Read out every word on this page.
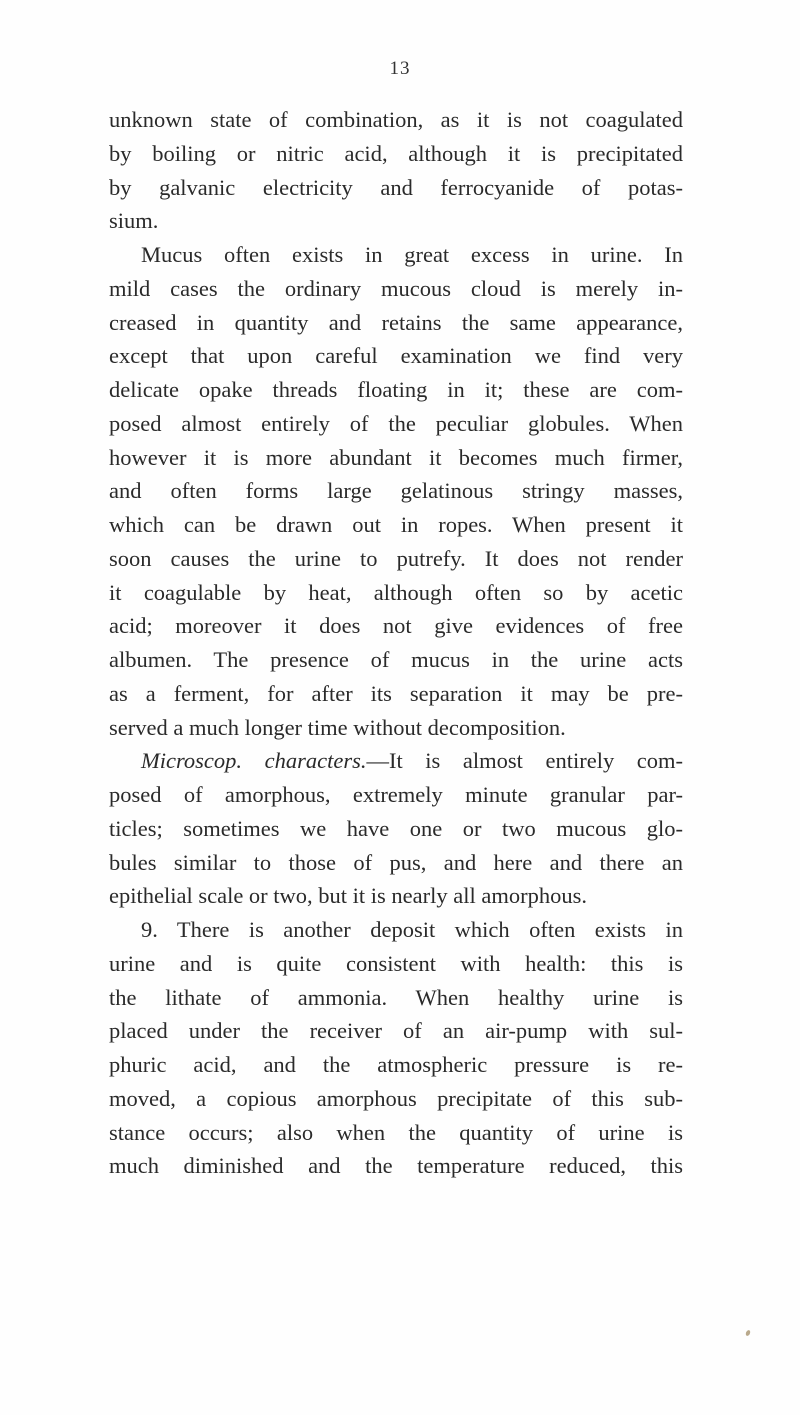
13
unknown state of combination, as it is not coagulated
by boiling or nitric acid, although it is precipitated
by galvanic electricity and ferrocyanide of potas-
sium.
Mucus often exists in great excess in urine. In
mild cases the ordinary mucous cloud is merely in-
creased in quantity and retains the same appearance,
except that upon careful examination we find very
delicate opake threads floating in it; these are com-
posed almost entirely of the peculiar globules. When
however it is more abundant it becomes much firmer,
and often forms large gelatinous stringy masses,
which can be drawn out in ropes. When present it
soon causes the urine to putrefy. It does not render
it coagulable by heat, although often so by acetic
acid; moreover it does not give evidences of free
albumen. The presence of mucus in the urine acts
as a ferment, for after its separation it may be pre-
served a much longer time without decomposition.
Microscop. characters.—It is almost entirely com-
posed of amorphous, extremely minute granular par-
ticles; sometimes we have one or two mucous glo-
bules similar to those of pus, and here and there an
epithelial scale or two, but it is nearly all amorphous.
9. There is another deposit which often exists in
urine and is quite consistent with health: this is
the lithate of ammonia. When healthy urine is
placed under the receiver of an air-pump with sul-
phuric acid, and the atmospheric pressure is re-
moved, a copious amorphous precipitate of this sub-
stance occurs; also when the quantity of urine is
much diminished and the temperature reduced, this
